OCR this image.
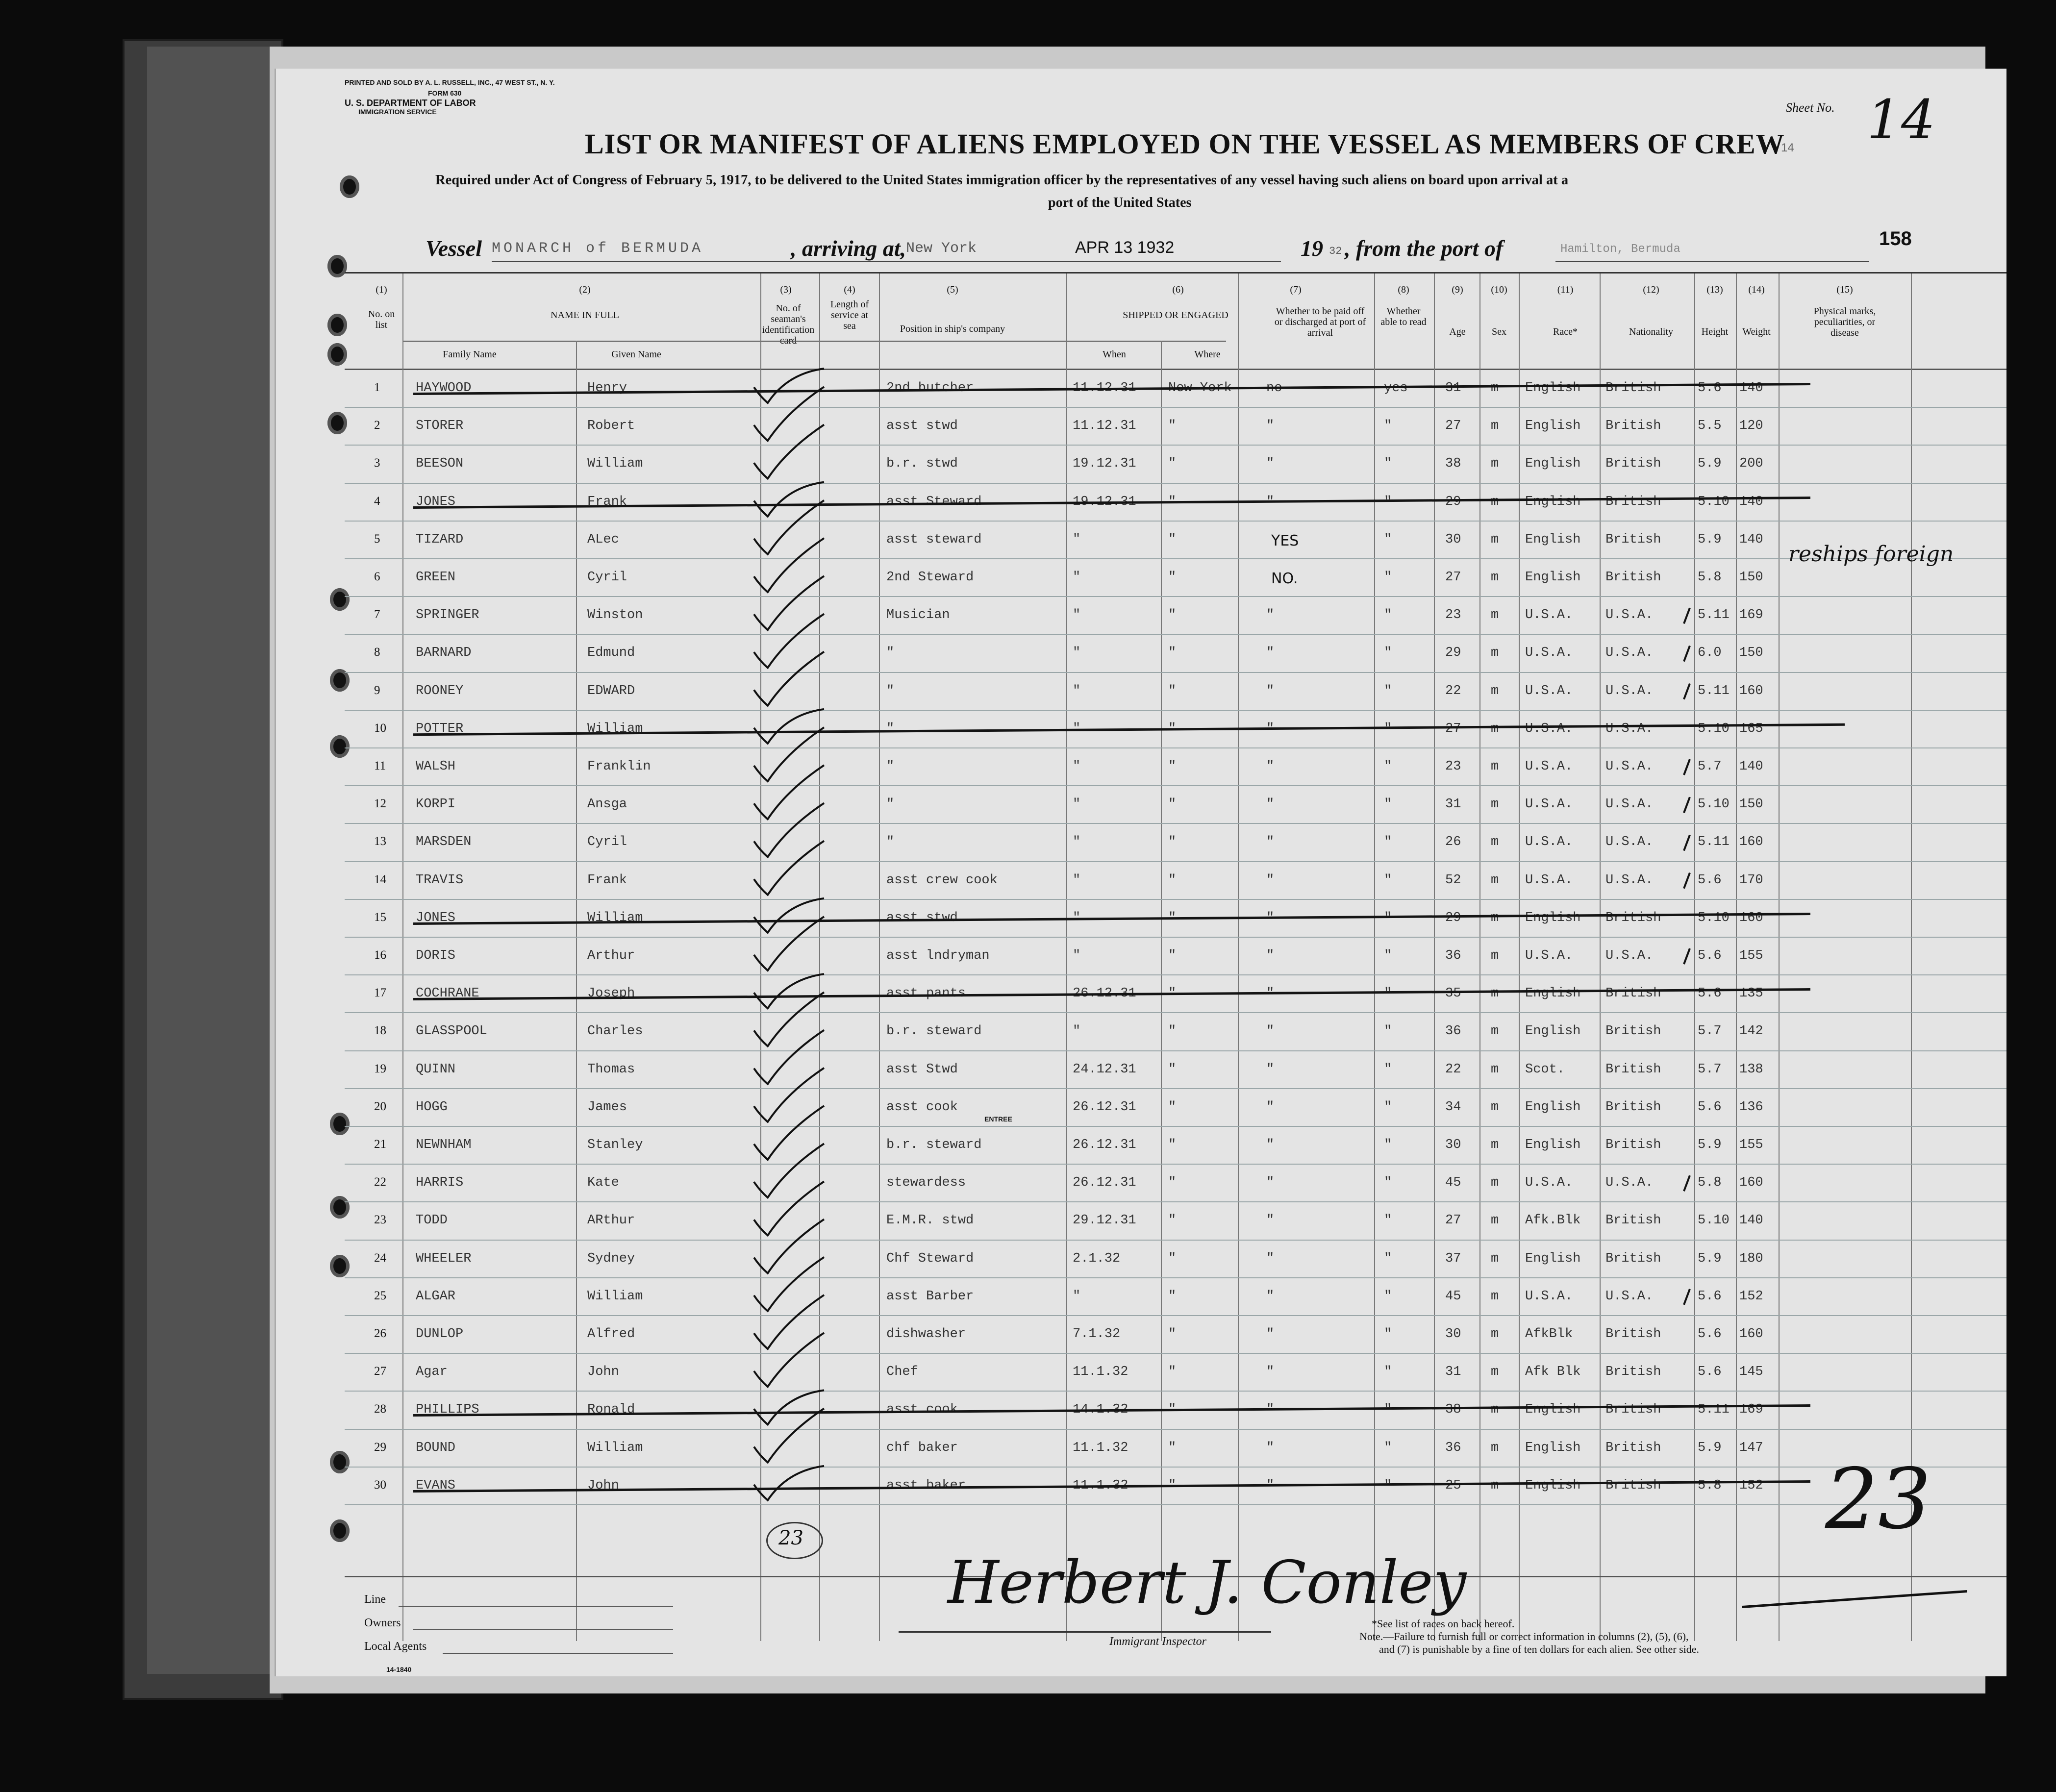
PRINTED AND SOLD BY A. L. RUSSELL, INC., 47 WEST ST., N. Y.
FORM 630
U. S. DEPARTMENT OF LABOR
IMMIGRATION SERVICE	Sheet No. 14
LIST OR MANIFEST OF ALIENS EMPLOYED ON THE VESSEL AS MEMBERS OF CREW
14
Required under Act of Congress of February 5, 1917, to be delivered to the United States immigration officer by the representatives of any vessel having such aliens on board upon arrival at a
port of the United States
Vessel MONARCH of BERMUDA	, arriving at, New York	APR 13 1932	19 32 , from the port of	Hamilton, Bermuda	158
(1)
No. on list
(2)
NAME IN FULL
Family Name	Given Name
(3)
No. of seaman's identification card
(4)
Length of service at sea
(5)
Position in ship's company
(6)
SHIPPED OR ENGAGED
When	Where
(7)
Whether to be paid off or discharged at port of arrival
(8)
Whether able to read
(9)
Age
(10)
Sex
(11)
Race*
(12)
Nationality
(13)
Height
(14)
Weight
(15)
Physical marks, peculiarities, or disease
1	HAYWOOD	Henry	2nd butcher	11.12.31 New York	no	yes	31 m English British	5.6 140
2	STORER	Robert	asst stwd	11.12.31 "	"	"	27 m English British	5.5 120
3	BEESON	William	b.r. stwd	19.12.31 "	"	"	38 m English British	5.9 200
4	JONES	Frank	asst Steward	19.12.31 "	"	"	29 m English British	5.10 140
5	TIZARD	ALec	asst steward	"	"	YES	"	30 m English British	5.9 140
6	GREEN	Cyril	2nd Steward	"	"	NO.	"	27 m English British	5.8 150
7	SPRINGER	Winston	Musician	"	"	"	"	23 m U.S.A. U.S.A.	5.11 169
8	BARNARD	Edmund	"	"	"	"	"	29 m U.S.A. U.S.A.	6.0 150
9	ROONEY	EDWARD	"	"	"	"	"	22 m U.S.A. U.S.A.	5.11 160
10 POTTER	William	"	"	"	"	"	27 m U.S.A. U.S.A.	5.10 165
11 WALSH	Franklin	"	"	"	"	"	23 m U.S.A. U.S.A.	5.7 140
12 KORPI	Ansga	"	"	"	"	"	31 m U.S.A. U.S.A.	5.10 150
13 MARSDEN	Cyril	"	"	"	"	"	26 m U.S.A. U.S.A.	5.11 160
14 TRAVIS	Frank	asst crew cook	"	"	"	"	52 m U.S.A. U.S.A.	5.6 170
15 JONES	William	asst stwd	"	"	"	"	29 m English British	5.10 160
16 DORIS	Arthur	asst lndryman	"	"	"	"	36 m U.S.A. U.S.A.	5.6 155
17 COCHRANE	Joseph	asst pants	26.12.31 "	"	"	35 m English British	5.6 135
18 GLASSPOOL	Charles	b.r. steward	"	"	"	"	36 m English British	5.7 142
19 QUINN	Thomas	asst Stwd	24.12.31 "	"	"	22 m Scot.	British	5.7 138
20 HOGG	James	asst cook	26.12.31 "	"	"	34 m English British	5.6 136
21 NEWNHAM	Stanley	b.r. steward	26.12.31 "	"	"	30 m English British	5.9 155
22 HARRIS	Kate	stewardess	26.12.31 "	"	"	45 m U.S.A. U.S.A.	5.8 160
23 TODD	ARthur	E.M.R. stwd	29.12.31 "	"	"	27 m Afk.Blk British	5.10 140
24 WHEELER	Sydney	Chf Steward	2.1.32	"	"	"	37 m English British	5.9 180
25 ALGAR	William	asst Barber	"	"	"	"	45 m U.S.A. U.S.A.	5.6 152
26 DUNLOP	Alfred	dishwasher	7.1.32	"	"	"	30 m AfkBlk British	5.6 160
27 Agar	John	Chef	11.1.32	"	"	"	31 m Afk Blk British	5.6 145
28 PHILLIPS	Ronald	asst cook	14.1.32	"	"	"	38 m English British	5.11 169
29 BOUND	William	chf baker	11.1.32	"	"	"	36 m English British	5.9 147
30 EVANS	John	asst baker	11.1.32	"	"	"	25 m English British	5.8 152
reships foreign
ENTREE
23	23
Line
Owners
Local Agents
14-1840
Herbert J. Conley
Immigrant Inspector
*See list of races on back hereof.
Note.—Failure to furnish full or correct information in columns (2), (5), (6),
and (7) is punishable by a fine of ten dollars for each alien. See other side.
